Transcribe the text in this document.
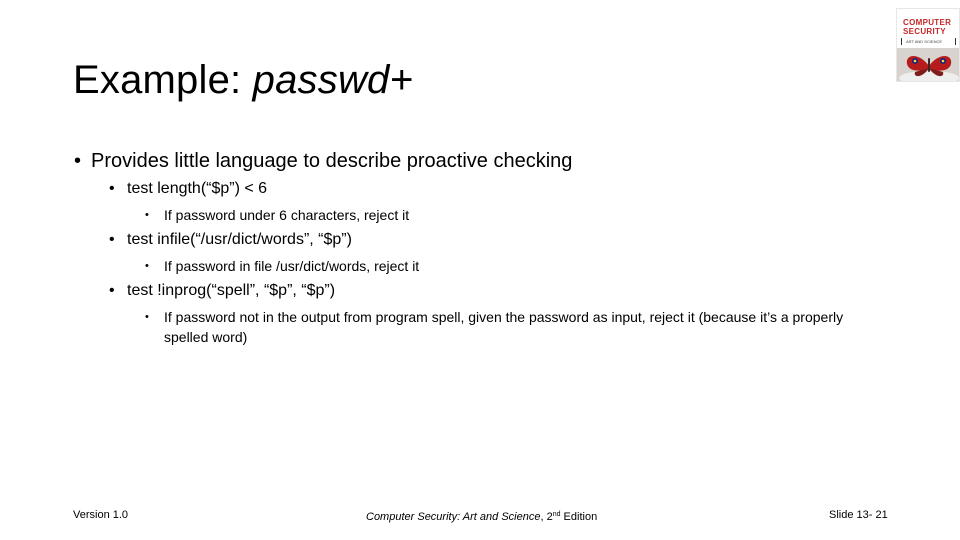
Example: passwd+
COMPUTER
SECURITY
ART AND SCIENCE
• Provides little language to describe proactive checking
• test length(“$p”) < 6
• If password under 6 characters, reject it
• test infile(“/usr/dict/words”, “$p”)
• If password in file /usr/dict/words, reject it
• test !inprog(“spell”, “$p”, “$p”)
• If password not in the output from program spell, given the password as input, reject it (because it’s a properly spelled word)
Version 1.0	Computer Security: Art and Science, 2nd Edition	Slide 13- 21
